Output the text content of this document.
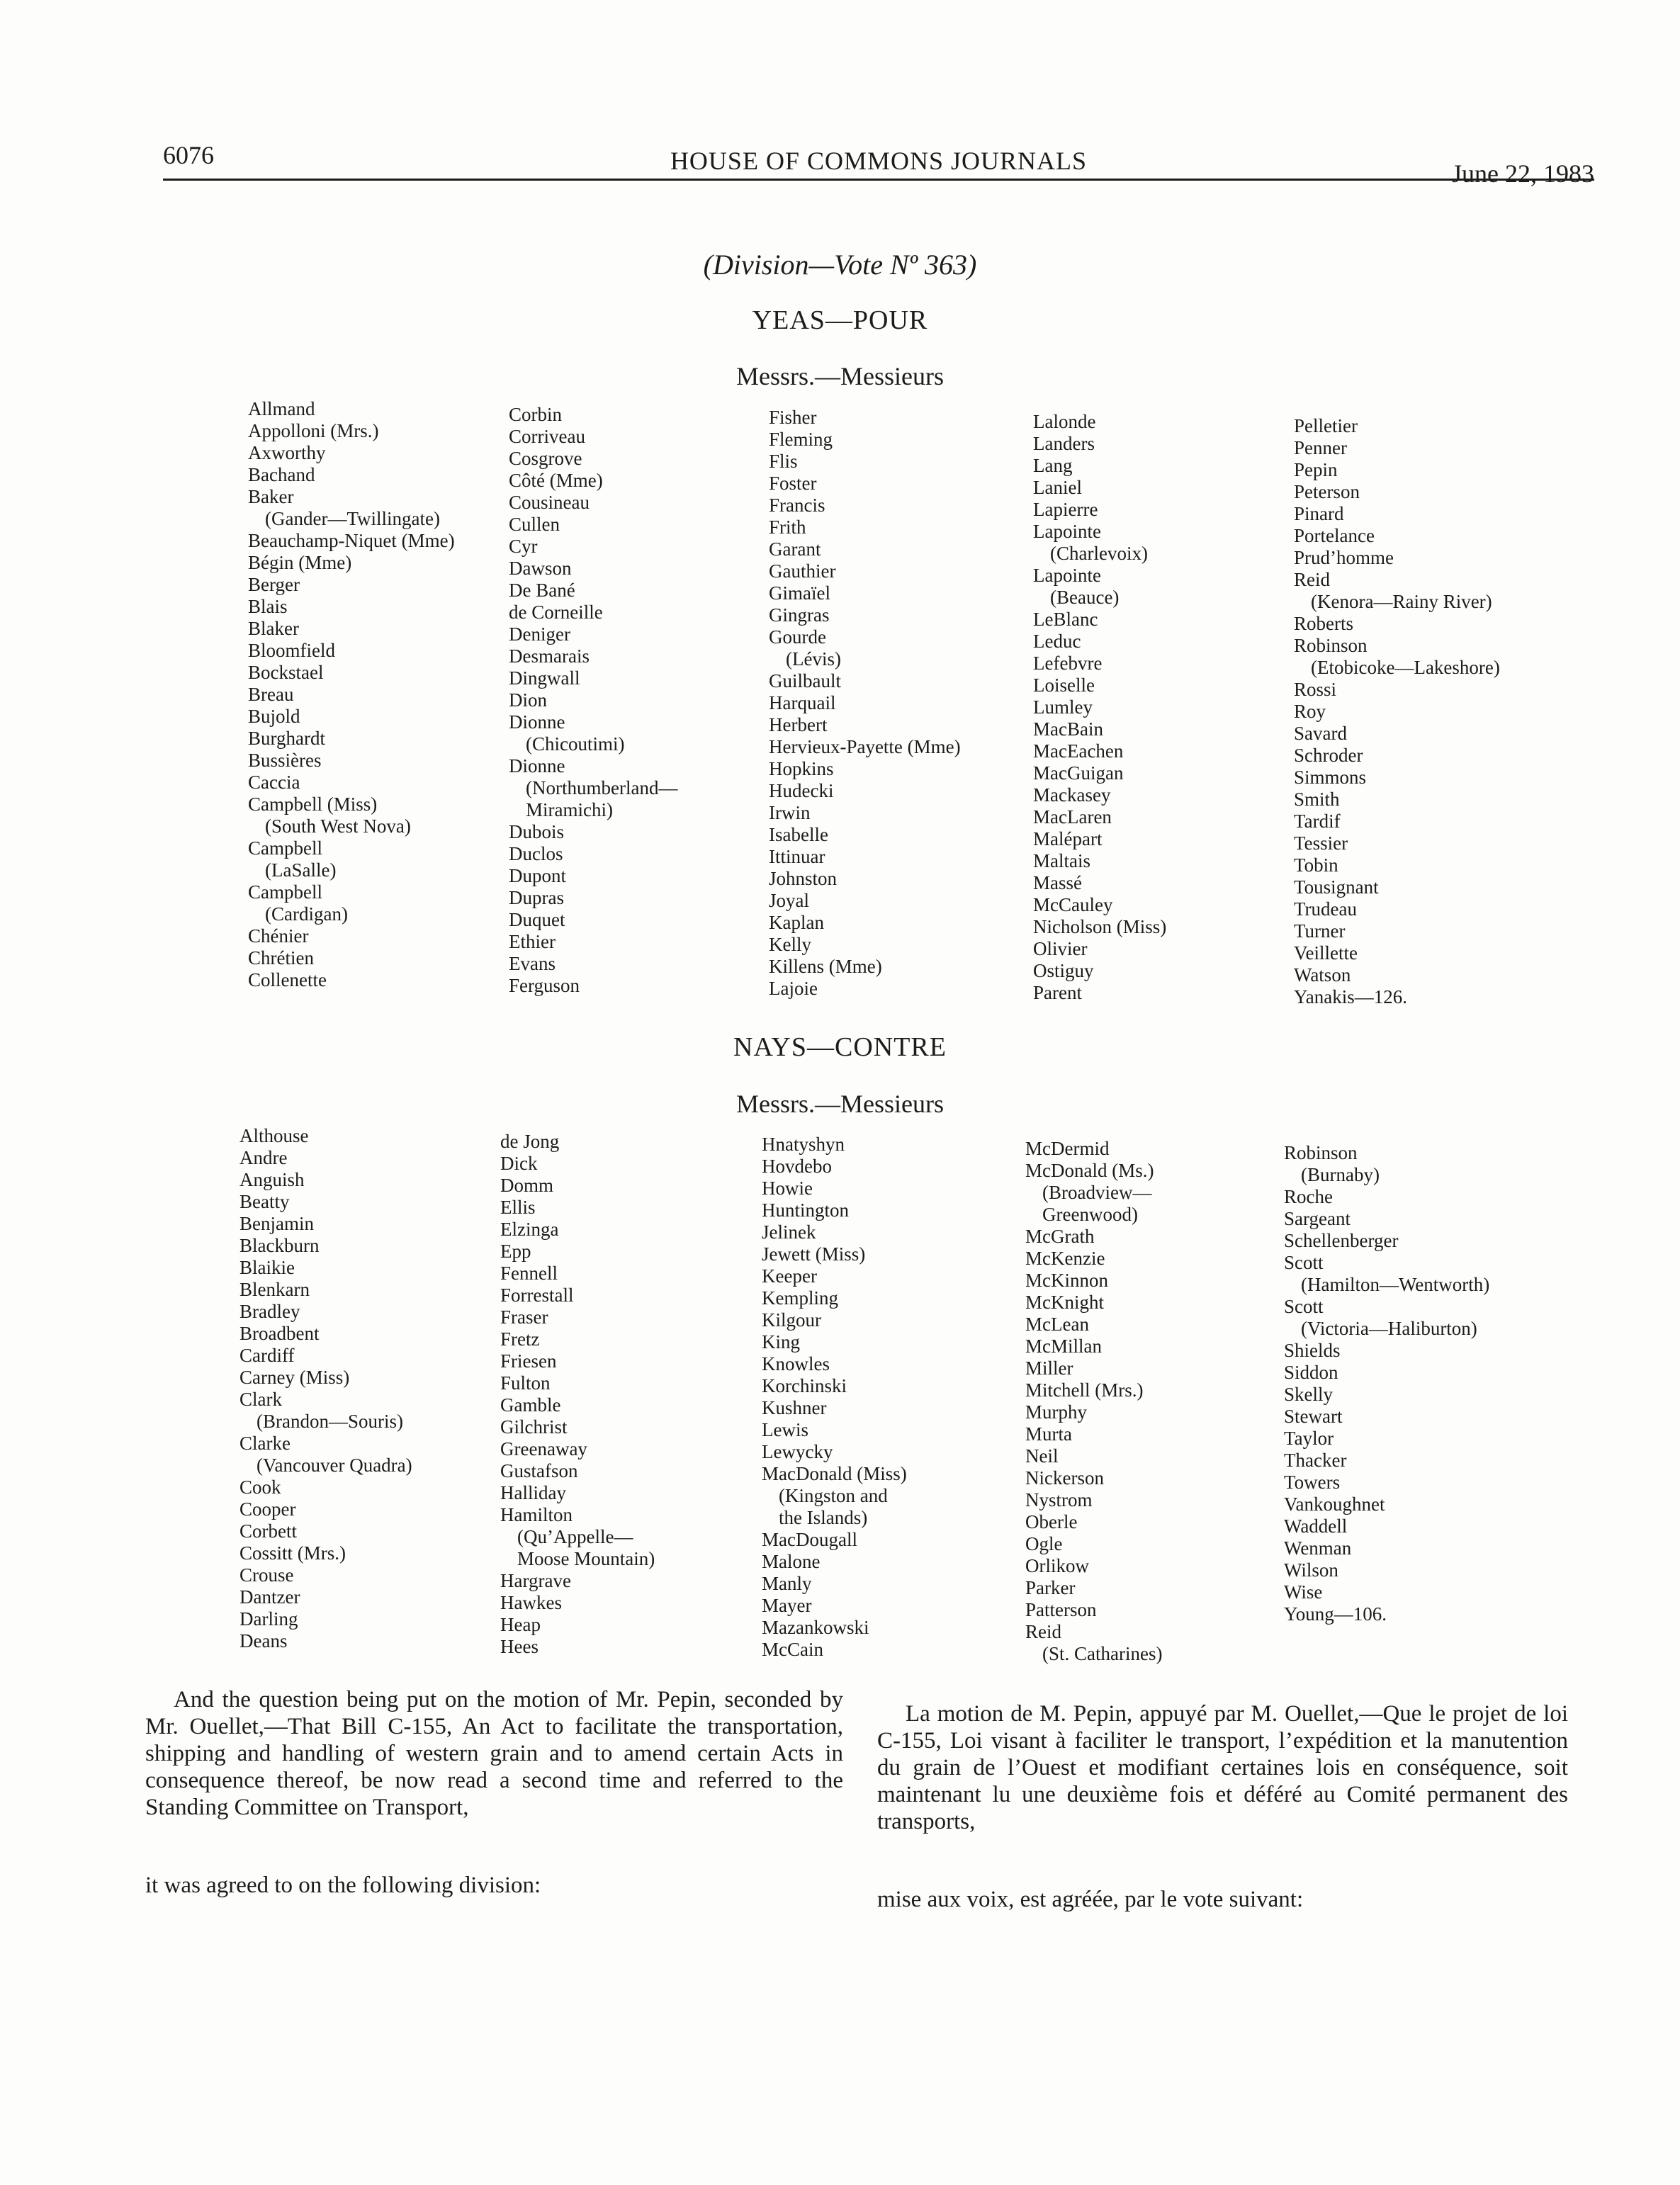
6076	HOUSE OF COMMONS JOURNALS	June 22, 1983
(Division—Vote Nº 363)
YEAS—POUR
Messrs.—Messieurs
Allmand
Appolloni (Mrs.)
Axworthy
Bachand
Baker
(Gander—Twillingate)
Beauchamp-Niquet (Mme)
Bégin (Mme)
Berger
Blais
Blaker
Bloomfield
Bockstael
Breau
Bujold
Burghardt
Bussières
Caccia
Campbell (Miss)
(South West Nova)
Campbell
(LaSalle)
Campbell
(Cardigan)
Chénier
Chrétien
Collenette
Corbin
Corriveau
Cosgrove
Côté (Mme)
Cousineau
Cullen
Cyr
Dawson
De Bané
de Corneille
Deniger
Desmarais
Dingwall
Dion
Dionne
(Chicoutimi)
Dionne
(Northumberland—
Miramichi)
Dubois
Duclos
Dupont
Dupras
Duquet
Ethier
Evans
Ferguson
Fisher
Fleming
Flis
Foster
Francis
Frith
Garant
Gauthier
Gimaïel
Gingras
Gourde
(Lévis)
Guilbault
Harquail
Herbert
Hervieux-Payette (Mme)
Hopkins
Hudecki
Irwin
Isabelle
Ittinuar
Johnston
Joyal
Kaplan
Kelly
Killens (Mme)
Lajoie
Lalonde
Landers
Lang
Laniel
Lapierre
Lapointe
(Charlevoix)
Lapointe
(Beauce)
LeBlanc
Leduc
Lefebvre
Loiselle
Lumley
MacBain
MacEachen
MacGuigan
Mackasey
MacLaren
Malépart
Maltais
Massé
McCauley
Nicholson (Miss)
Olivier
Ostiguy
Parent
Pelletier
Penner
Pepin
Peterson
Pinard
Portelance
Prud’homme
Reid
(Kenora—Rainy River)
Roberts
Robinson
(Etobicoke—Lakeshore)
Rossi
Roy
Savard
Schroder
Simmons
Smith
Tardif
Tessier
Tobin
Tousignant
Trudeau
Turner
Veillette
Watson
Yanakis—126.
NAYS—CONTRE
Messrs.—Messieurs
Althouse
Andre
Anguish
Beatty
Benjamin
Blackburn
Blaikie
Blenkarn
Bradley
Broadbent
Cardiff
Carney (Miss)
Clark
(Brandon—Souris)
Clarke
(Vancouver Quadra)
Cook
Cooper
Corbett
Cossitt (Mrs.)
Crouse
Dantzer
Darling
Deans
de Jong
Dick
Domm
Ellis
Elzinga
Epp
Fennell
Forrestall
Fraser
Fretz
Friesen
Fulton
Gamble
Gilchrist
Greenaway
Gustafson
Halliday
Hamilton
(Qu’Appelle—
Moose Mountain)
Hargrave
Hawkes
Heap
Hees
Hnatyshyn
Hovdebo
Howie
Huntington
Jelinek
Jewett (Miss)
Keeper
Kempling
Kilgour
King
Knowles
Korchinski
Kushner
Lewis
Lewycky
MacDonald (Miss)
(Kingston and
the Islands)
MacDougall
Malone
Manly
Mayer
Mazankowski
McCain
McDermid
McDonald (Ms.)
(Broadview—
Greenwood)
McGrath
McKenzie
McKinnon
McKnight
McLean
McMillan
Miller
Mitchell (Mrs.)
Murphy
Murta
Neil
Nickerson
Nystrom
Oberle
Ogle
Orlikow
Parker
Patterson
Reid
(St. Catharines)
Robinson
(Burnaby)
Roche
Sargeant
Schellenberger
Scott
(Hamilton—Wentworth)
Scott
(Victoria—Haliburton)
Shields
Siddon
Skelly
Stewart
Taylor
Thacker
Towers
Vankoughnet
Waddell
Wenman
Wilson
Wise
Young—106.

And the question being put on the motion of Mr. Pepin, seconded by Mr. Ouellet,—That Bill C-155, An Act to facilitate the transportation, shipping and handling of western grain and to amend certain Acts in consequence thereof, be now read a second time and referred to the Standing Committee on Transport,

it was agreed to on the following division:

La motion de M. Pepin, appuyé par M. Ouellet,—Que le projet de loi C-155, Loi visant à faciliter le transport, l’expédition et la manutention du grain de l’Ouest et modifiant certaines lois en conséquence, soit maintenant lu une deuxième fois et déféré au Comité permanent des transports,

mise aux voix, est agréée, par le vote suivant:
